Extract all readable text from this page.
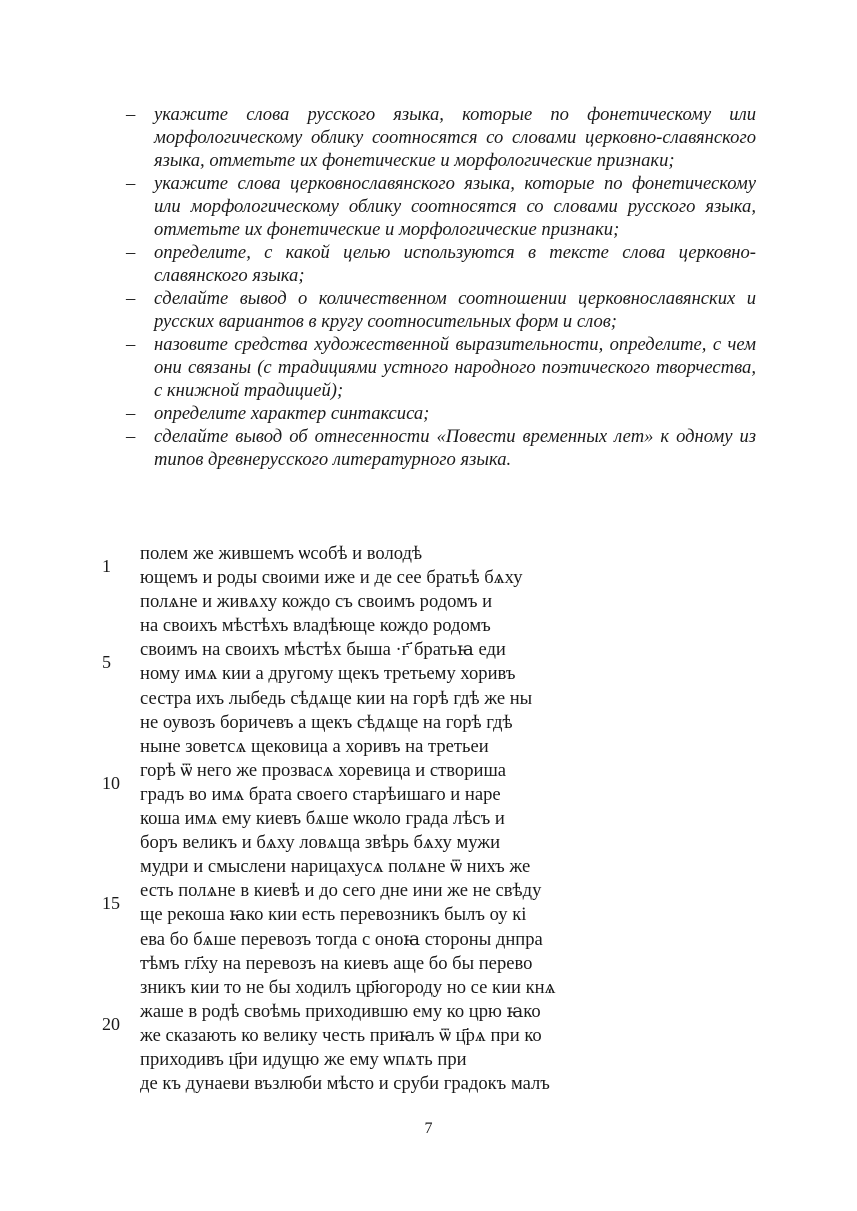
– укажите слова русского языка, которые по фонетическому или морфологическому облику соотносятся со словами церковно-славянского языка, отметьте их фонетические и морфологические признаки;
– укажите слова церковнославянского языка, которые по фонетическому или морфологическому облику соотносятся со словами русского языка, отметьте их фонетические и морфологические признаки;
– определите, с какой целью используются в тексте слова церковно-славянского языка;
– сделайте вывод о количественном соотношении церковнославянских и русских вариантов в кругу соотносительных форм и слов;
– назовите средства художественной выразительности, определите, с чем они связаны (с традициями устного народного поэтического творчества, с книжной традицией);
– определите характер синтаксиса;
– сделайте вывод об отнесенности «Повести временных лет» к одному из типов древнерусского литературного языка.
1
полем же жившемъ ѡсобѣ и володѣ
ющемъ и роды своими иже и де сее братьѣ бѧху
полѧне и живѧху кождо съ своимъ родомъ и
на своихъ мѣстѣхъ владѣюще кождо родомъ
5
своимъ на своихъ мѣстѣх быша ·г҃ братьꙗ еди
ному имѧ кии а другому щекъ третьему хоривъ
сестра ихъ лыбедь сѣдѧще кии на горѣ гдѣ же ны
не оувозъ боричевъ а щекъ сѣдѧще на горѣ гдѣ
ныне зоветсѧ щековица а хоривъ на третьеи
10
горѣ ѿ него же прозвасѧ хоревица и створиша
градъ во имѧ брата своего старѣишаго и наре
коша имѧ ему киевъ бѧше ѡколо града лѣсъ и
боръ великъ и бѧху ловѧща звѣрь бѧху мужи
мудри и смыслени нарицахусѧ полѧне ѿ нихъ же
15
есть полѧне в киевѣ и до сего дне ини же не свѣду
ще рекоша ꙗко кии есть перевозникъ былъ оу кі
ева бо бѧше перевозъ тогда с оноꙗ стороны днпра
тѣмъ гл҃ху на перевозъ на киевъ аще бо бы перево
зникъ кии то не бы ходилъ цр҃югороду но се кии кнѧ
20
жаше в родѣ своѣмь приходившю ему ко црю ꙗко
же сказають ко велику честь приꙗлъ ѿ ц҃рѧ при ко
приходивъ ц҃ри идущю же ему ѡпѧть при
де къ дунаеви възлюби мѣсто и сруби градокъ малъ
7
